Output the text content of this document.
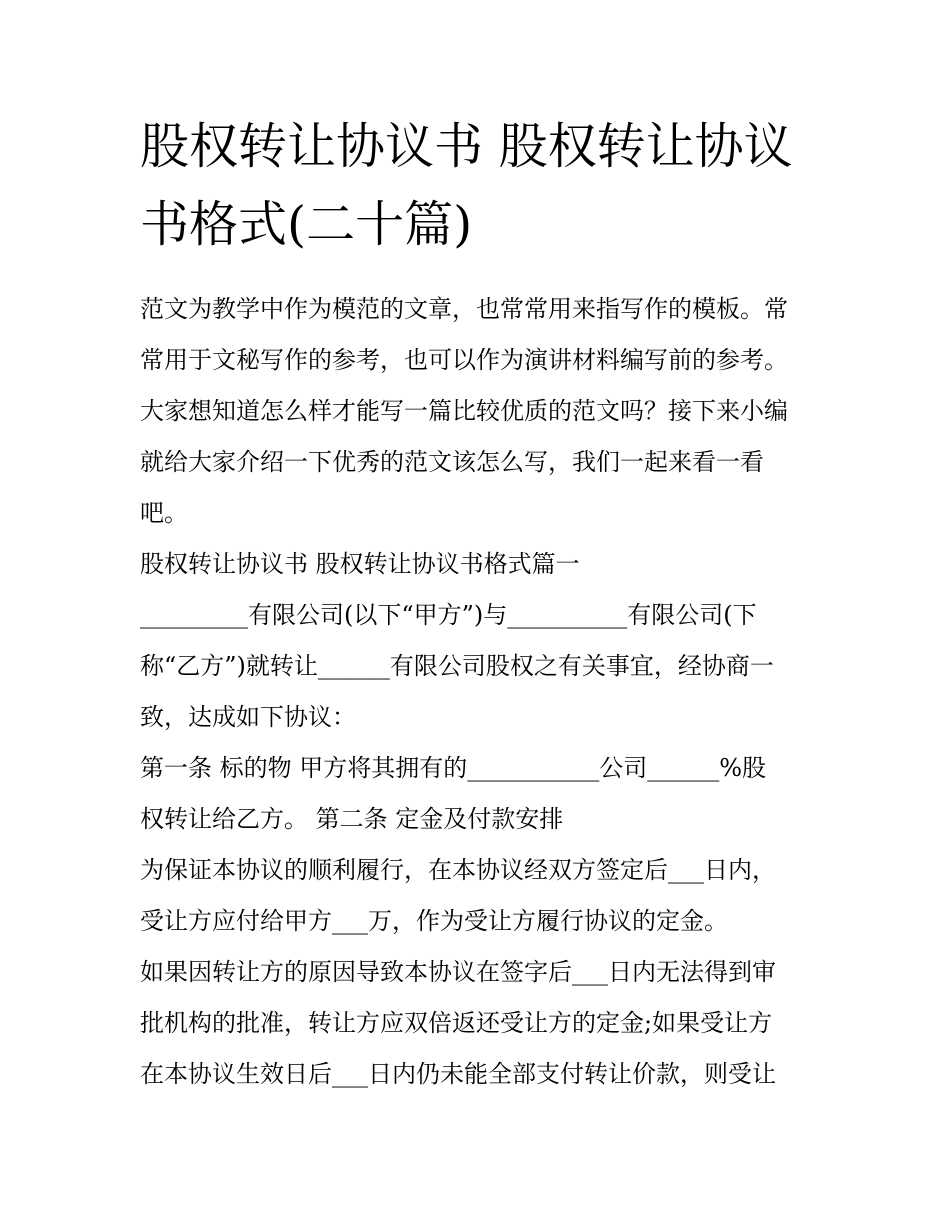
股权转让协议书 股权转让协议
书格式(二十篇)

范文为教学中作为模范的文章，也常常用来指写作的模板。常

常用于文秘写作的参考，也可以作为演讲材料编写前的参考。

大家想知道怎么样才能写一篇比较优质的范文吗？接下来小编

就给大家介绍一下优秀的范文该怎么写，我们一起来看一看

吧。

股权转让协议书 股权转让协议书格式篇一

_________有限公司(以下“甲方”)与__________有限公司(下

称“乙方”)就转让______有限公司股权之有关事宜，经协商一

致，达成如下协议：

第一条 标的物 甲方将其拥有的___________公司______%股

权转让给乙方。 第二条 定金及付款安排

为保证本协议的顺利履行，在本协议经双方签定后___日内，

受让方应付给甲方___万，作为受让方履行协议的定金。

如果因转让方的原因导致本协议在签字后___日内无法得到审

批机构的批准，转让方应双倍返还受让方的定金;如果受让方

在本协议生效日后___日内仍未能全部支付转让价款，则受让
